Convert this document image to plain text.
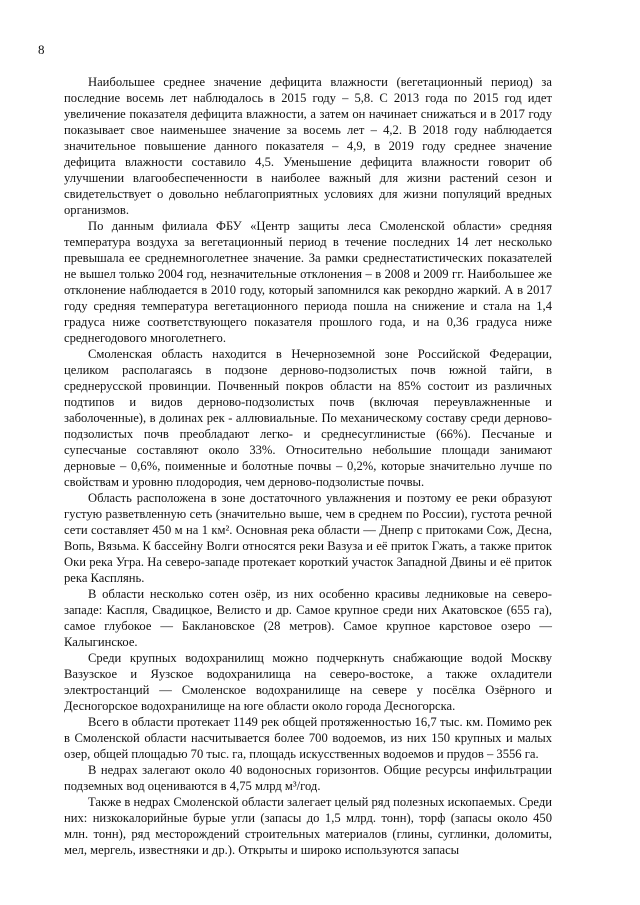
8

Наибольшее среднее значение дефицита влажности (вегетационный период) за последние восемь лет наблюдалось в 2015 году – 5,8. С 2013 года по 2015 год идет увеличение показателя дефицита влажности, а затем он начинает снижаться и в 2017 году показывает свое наименьшее значение за восемь лет – 4,2. В 2018 году наблюдается значительное повышение данного показателя – 4,9, в 2019 году среднее значение дефицита влажности составило 4,5. Уменьшение дефицита влажности говорит об улучшении влагообеспеченности в наиболее важный для жизни растений сезон и свидетельствует о довольно неблагоприятных условиях для жизни популяций вредных организмов.

По данным филиала ФБУ «Центр защиты леса Смоленской области» средняя температура воздуха за вегетационный период в течение последних 14 лет несколько превышала ее среднемноголетнее значение. За рамки среднестатистических показателей не вышел только 2004 год, незначительные отклонения – в 2008 и 2009 гг. Наибольшее же отклонение наблюдается в 2010 году, который запомнился как рекордно жаркий. А в 2017 году средняя температура вегетационного периода пошла на снижение и стала на 1,4 градуса ниже соответствующего показателя прошлого года, и на 0,36 градуса ниже среднегодового многолетнего.

Смоленская область находится в Нечерноземной зоне Российской Федерации, целиком располагаясь в подзоне дерново-подзолистых почв южной тайги, в среднерусской провинции. Почвенный покров области на 85% состоит из различных подтипов и видов дерново-подзолистых почв (включая переувлажненные и заболоченные), в долинах рек - аллювиальные. По механическому составу среди дерново-подзолистых почв преобладают легко- и среднесуглинистые (66%). Песчаные и супесчаные составляют около 33%. Относительно небольшие площади занимают дерновые – 0,6%, поименные и болотные почвы – 0,2%, которые значительно лучше по свойствам и уровню плодородия, чем дерново-подзолистые почвы.

Область расположена в зоне достаточного увлажнения и поэтому ее реки образуют густую разветвленную сеть (значительно выше, чем в среднем по России), густота речной сети составляет 450 м на 1 км². Основная река области — Днепр с притоками Сож, Десна, Вопь, Вязьма. К бассейну Волги относятся реки Вазуза и её приток Гжать, а также приток Оки река Угра. На северо-западе протекает короткий участок Западной Двины и её приток река Касплянь.

В области несколько сотен озёр, из них особенно красивы ледниковые на северо-западе: Каспля, Свадицкое, Велисто и др. Самое крупное среди них Акатовское (655 га), самое глубокое — Баклановское (28 метров). Самое крупное карстовое озеро — Калыгинское.

Среди крупных водохранилищ можно подчеркнуть снабжающие водой Москву Вазузское и Яузское водохранилища на северо-востоке, а также охладители электростанций — Смоленское водохранилище на севере у посёлка Озёрного и Десногорское водохранилище на юге области около города Десногорска.

Всего в области протекает 1149 рек общей протяженностью 16,7 тыс. км. Помимо рек в Смоленской области насчитывается более 700 водоемов, из них 150 крупных и малых озер, общей площадью 70 тыс. га, площадь искусственных водоемов и прудов – 3556 га.

В недрах залегают около 40 водоносных горизонтов. Общие ресурсы инфильтрации подземных вод оцениваются в 4,75 млрд м³/год.

Также в недрах Смоленской области залегает целый ряд полезных ископаемых. Среди них: низкокалорийные бурые угли (запасы до 1,5 млрд. тонн), торф (запасы около 450 млн. тонн), ряд месторождений строительных материалов (глины, суглинки, доломиты, мел, мергель, известняки и др.). Открыты и широко используются запасы
